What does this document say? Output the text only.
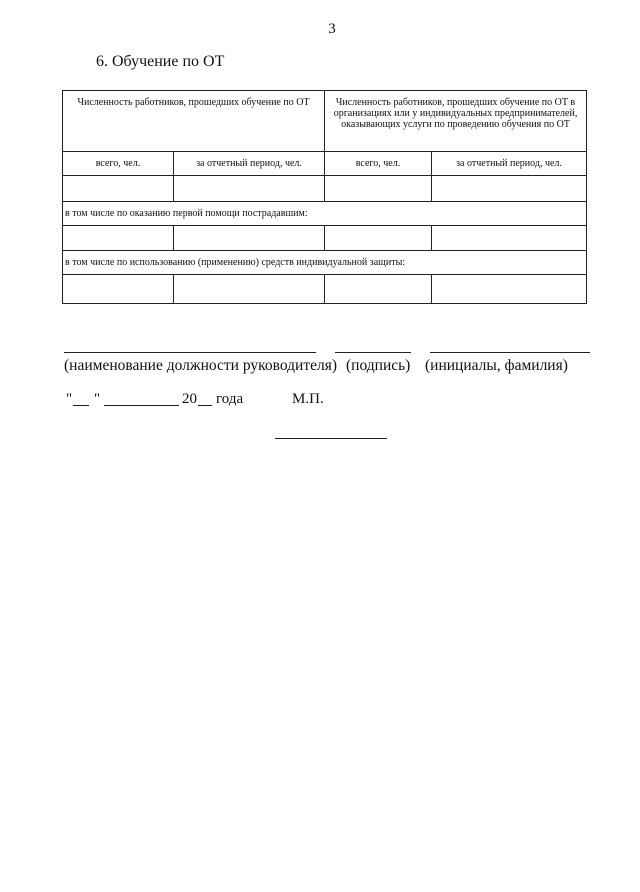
3
6. Обучение по ОТ
Численность работников, прошедших обучение по ОТ		Численность работников, прошедших обучение по ОТ в организациях или у индивидуальных предпринимателей, оказывающих услуги по проведению обучения по ОТ	
всего, чел.	за отчетный период, чел.	всего, чел.	за отчетный период, чел.

в том числе по оказанию первой помощи пострадавшим:			

в том числе по использованию (применению) средств индивидуальной защиты:			

(наименование должности руководителя) (подпись) (инициалы, фамилия)
" "	20 года	М.П.
